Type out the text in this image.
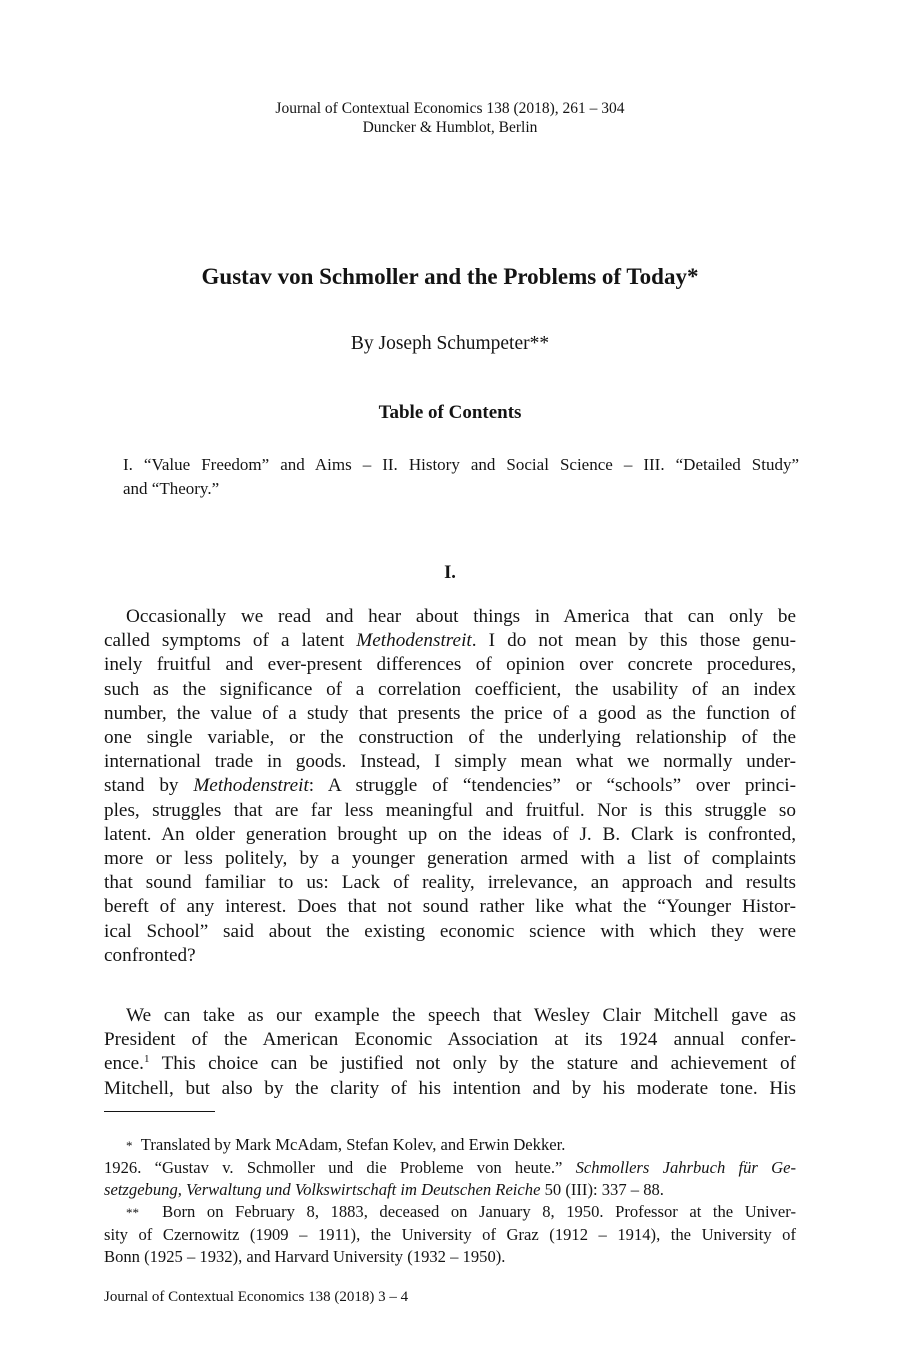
Journal of Contextual Economics 138 (2018), 261 – 304
Duncker & Humblot, Berlin
Gustav von Schmoller and the Problems of Today*
By Joseph Schumpeter**
Table of Contents
I. “Value Freedom” and Aims – II. History and Social Science – III. “Detailed Study”
and “Theory.”
I.
Occasionally we read and hear about things in America that can only be
called symptoms of a latent Methodenstreit. I do not mean by this those genu-
inely fruitful and ever-present differences of opinion over concrete procedures,
such as the significance of a correlation coefficient, the usability of an index
number, the value of a study that presents the price of a good as the function of
one single variable, or the construction of the underlying relationship of the
international trade in goods. Instead, I simply mean what we normally under-
stand by Methodenstreit: A struggle of “tendencies” or “schools” over princi-
ples, struggles that are far less meaningful and fruitful. Nor is this struggle so
latent. An older generation brought up on the ideas of J. B. Clark is confronted,
more or less politely, by a younger generation armed with a list of complaints
that sound familiar to us: Lack of reality, irrelevance, an approach and results
bereft of any interest. Does that not sound rather like what the “Younger Histor-
ical School” said about the existing economic science with which they were
confronted?
We can take as our example the speech that Wesley Clair Mitchell gave as
President of the American Economic Association at its 1924 annual confer-
ence.$^1$ This choice can be justified not only by the stature and achievement of
Mitchell, but also by the clarity of his intention and by his moderate tone. His
* Translated by Mark McAdam, Stefan Kolev, and Erwin Dekker.
1926. “Gustav v. Schmoller und die Probleme von heute.” Schmollers Jahrbuch für Ge-
setzgebung, Verwaltung und Volkswirtschaft im Deutschen Reiche 50 (III): 337 – 88.
** Born on February 8, 1883, deceased on January 8, 1950. Professor at the Univer-
sity of Czernowitz (1909 – 1911), the University of Graz (1912 – 1914), the University of
Bonn (1925 – 1932), and Harvard University (1932 – 1950).
Journal of Contextual Economics 138 (2018) 3 – 4
